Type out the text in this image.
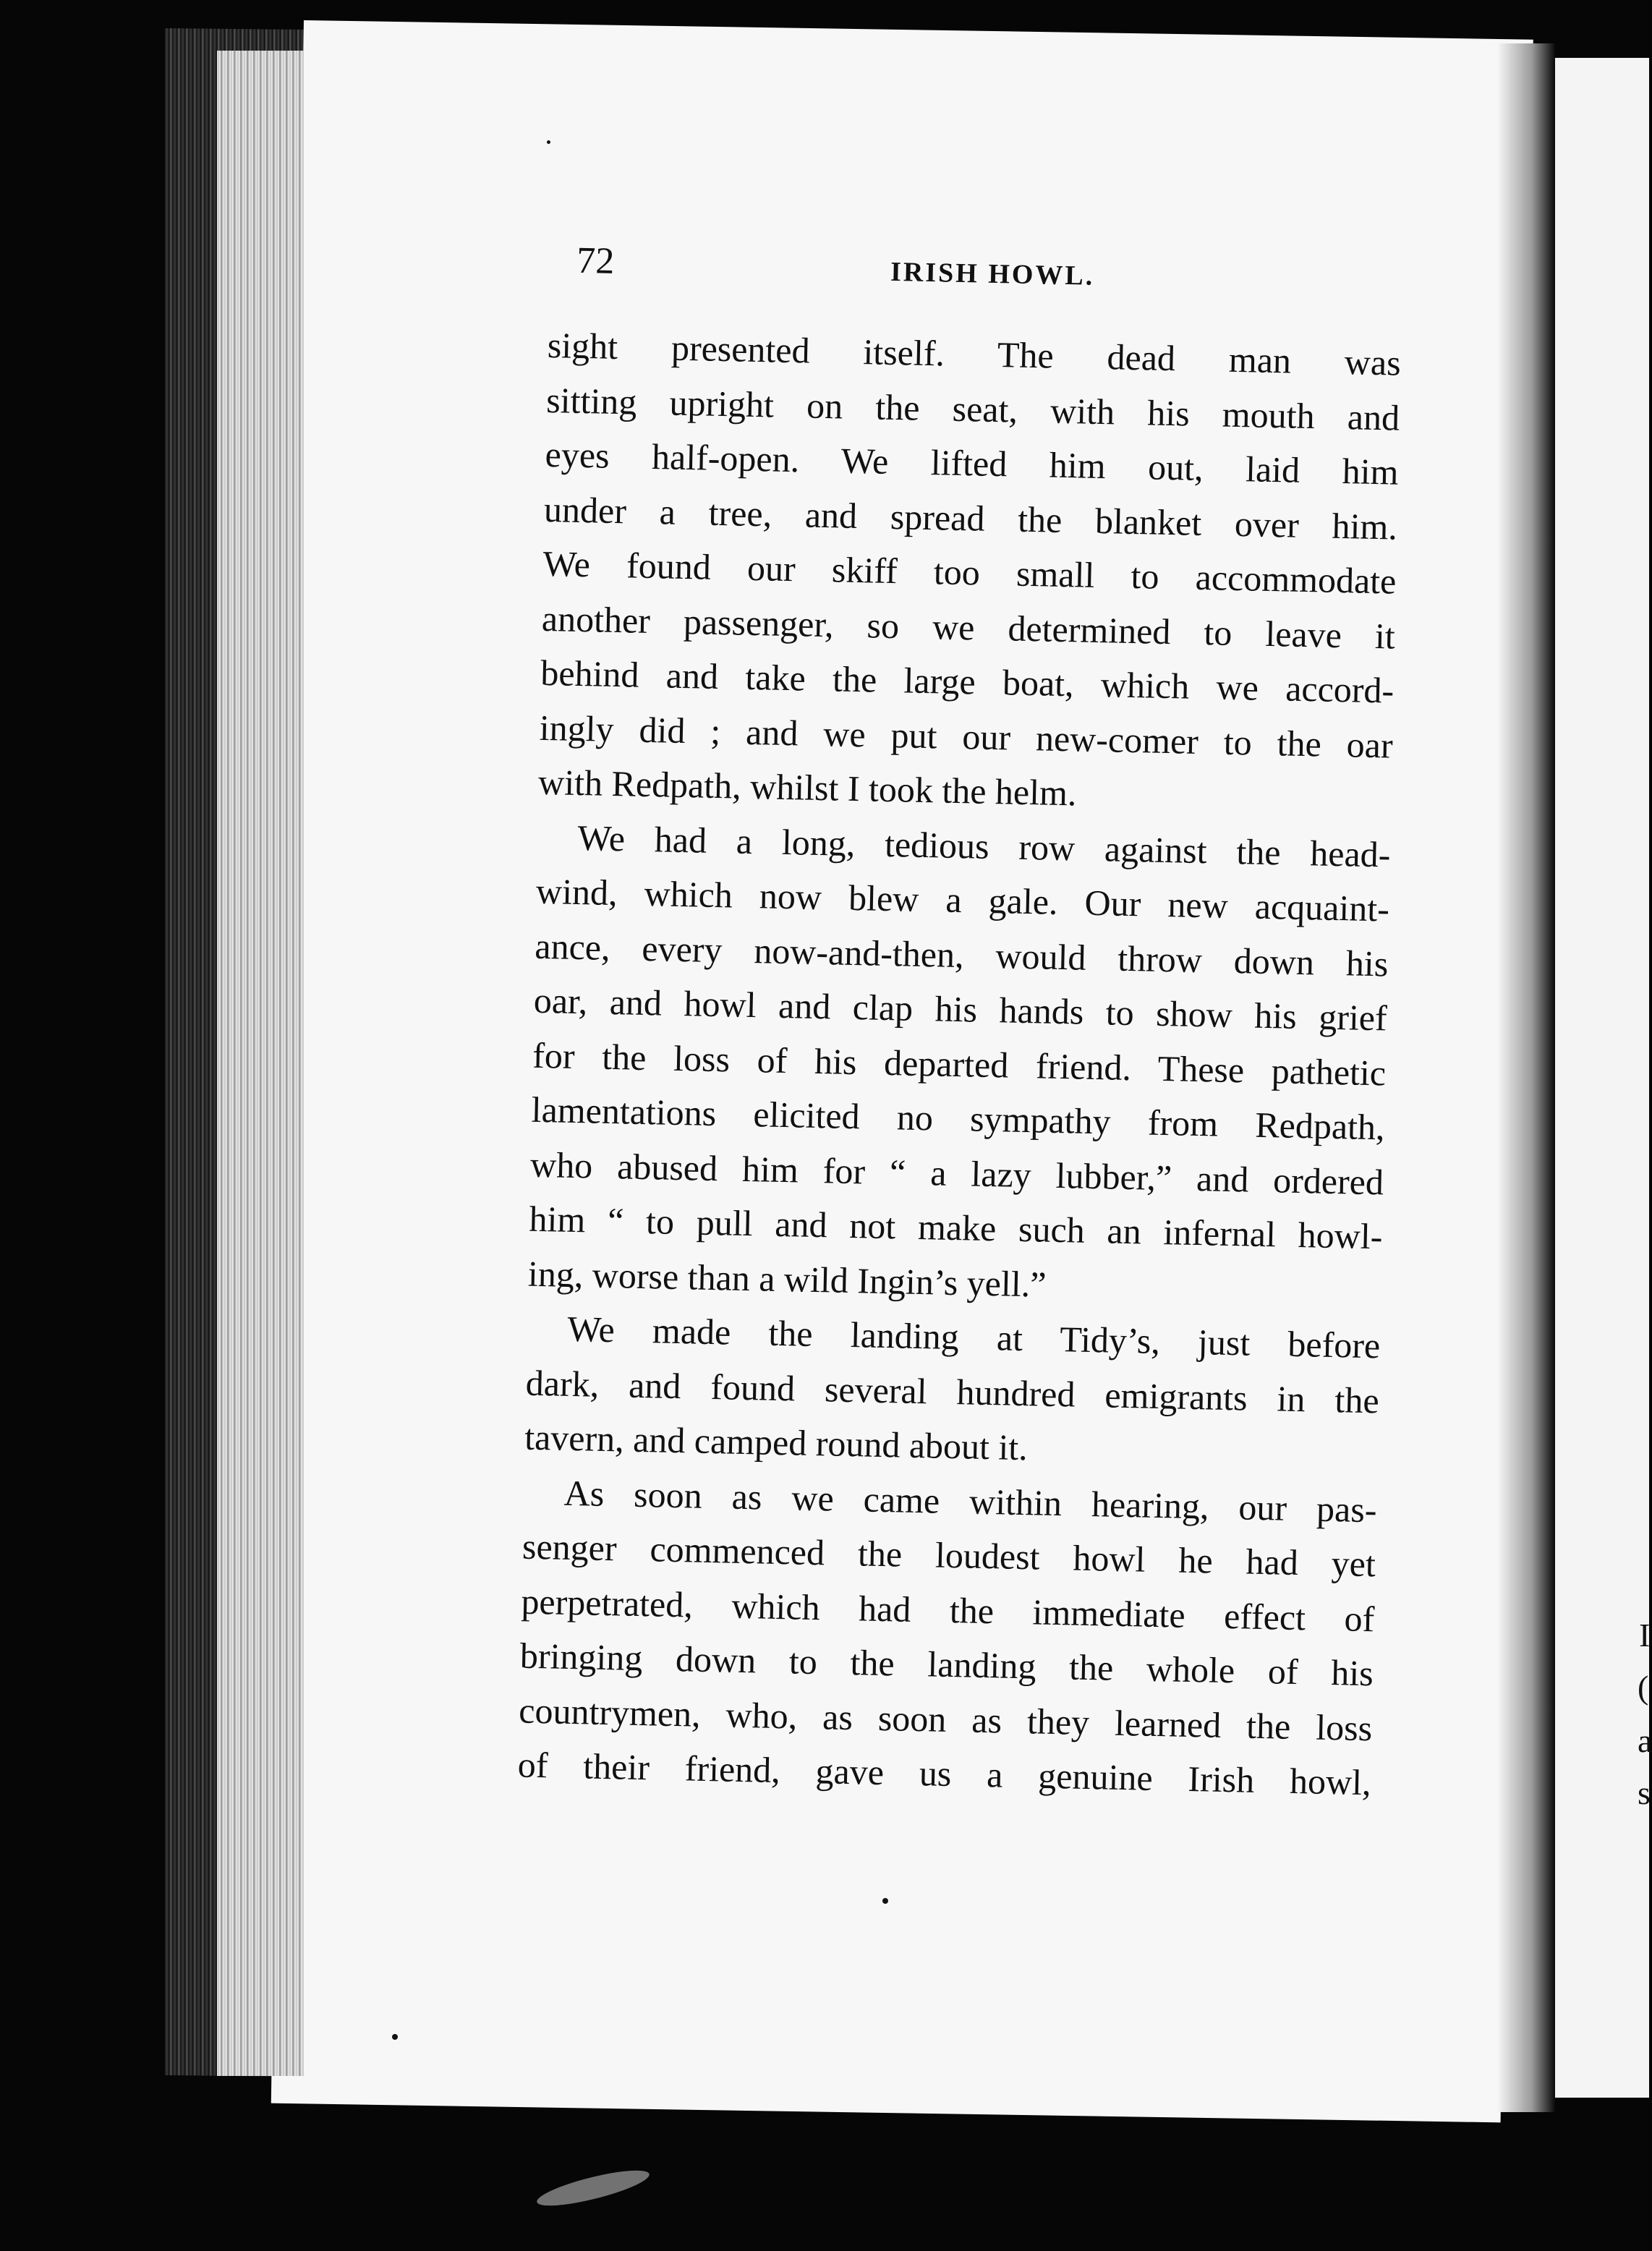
I
(
a
s
72	IRISH HOWL.

sight presented itself. The dead man was
sitting upright on the seat, with his mouth and
eyes half-open. We lifted him out, laid him
under a tree, and spread the blanket over him.
We found our skiff too small to accommodate
another passenger, so we determined to leave it
behind and take the large boat, which we accord-
ingly did ; and we put our new-comer to the oar
with Redpath, whilst I took the helm.

We had a long, tedious row against the head-
wind, which now blew a gale. Our new acquaint-
ance, every now-and-then, would throw down his
oar, and howl and clap his hands to show his grief
for the loss of his departed friend. These pathetic
lamentations elicited no sympathy from Redpath,
who abused him for “ a lazy lubber,” and ordered
him “ to pull and not make such an infernal howl-
ing, worse than a wild Ingin’s yell.”

We made the landing at Tidy’s, just before
dark, and found several hundred emigrants in the
tavern, and camped round about it.

As soon as we came within hearing, our pas-
senger commenced the loudest howl he had yet
perpetrated, which had the immediate effect of
bringing down to the landing the whole of his
countrymen, who, as soon as they learned the loss
of their friend, gave us a genuine Irish howl,
